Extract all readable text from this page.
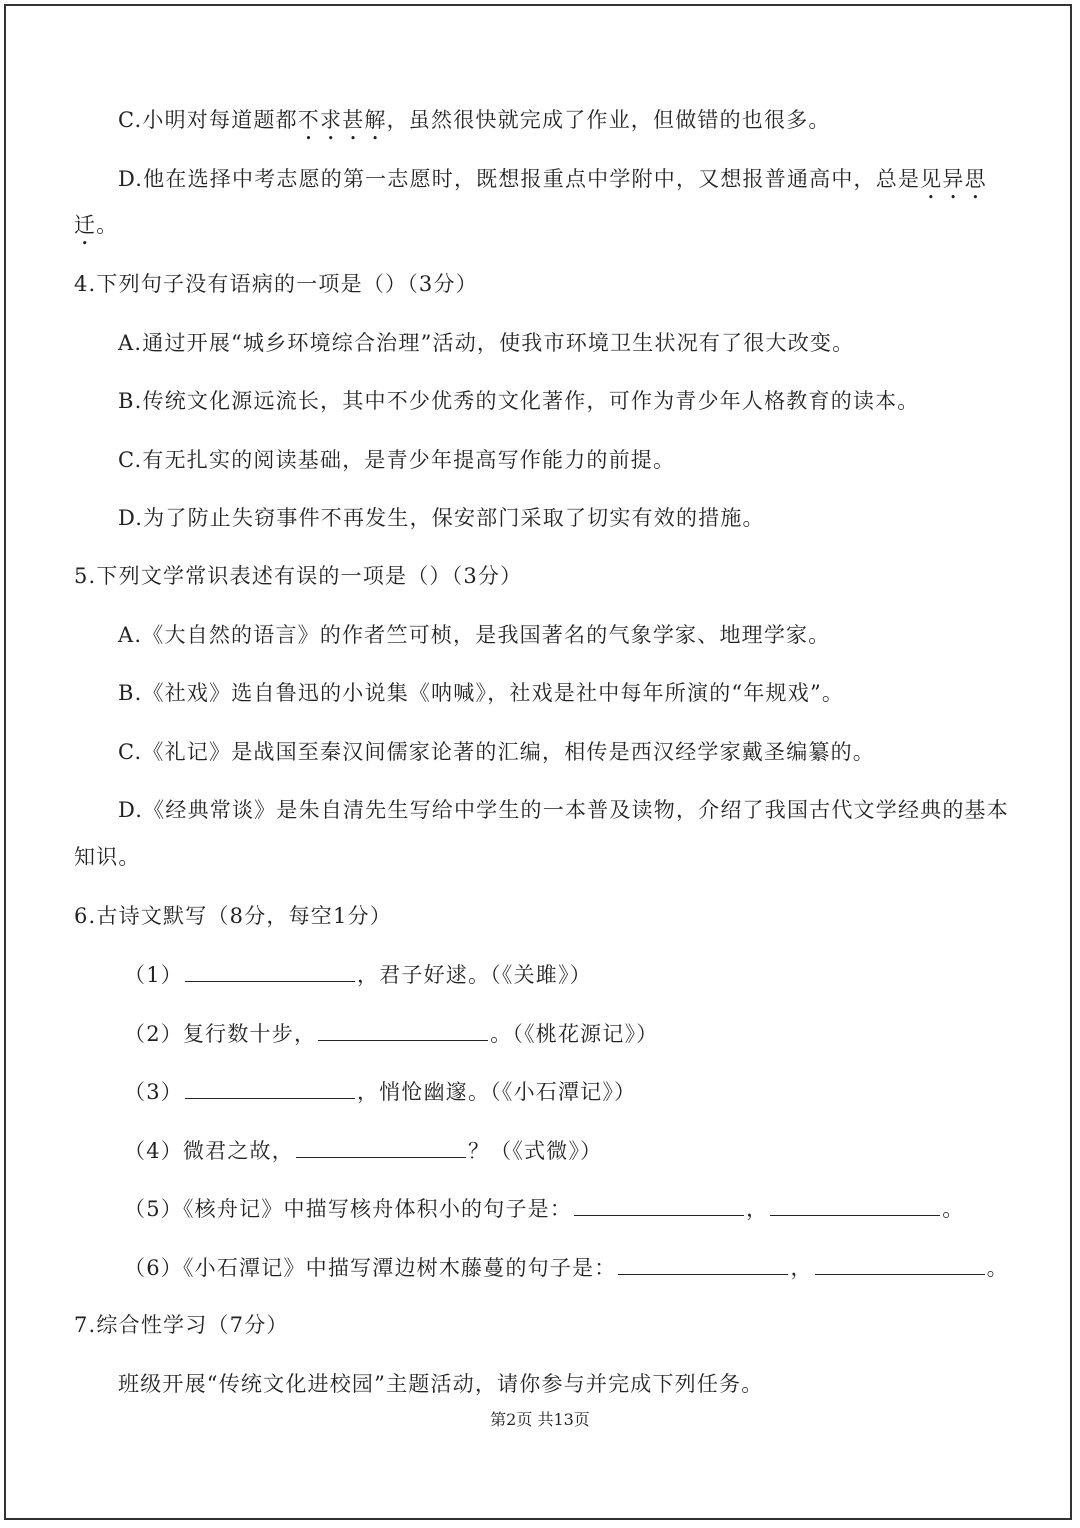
C.小明对每道题都不求甚解，虽然很快就完成了作业，但做错的也很多。
D.他在选择中考志愿的第一志愿时，既想报重点中学附中，又想报普通高中，总是见异思
迁。
4.下列句子没有语病的一项是（）（3分）
A.通过开展“城乡环境综合治理”活动，使我市环境卫生状况有了很大改变。
B.传统文化源远流长，其中不少优秀的文化著作，可作为青少年人格教育的读本。
C.有无扎实的阅读基础，是青少年提高写作能力的前提。
D.为了防止失窃事件不再发生，保安部门采取了切实有效的措施。
5.下列文学常识表述有误的一项是（）（3分）
A.《大自然的语言》的作者竺可桢，是我国著名的气象学家、地理学家。
B.《社戏》选自鲁迅的小说集《呐喊》，社戏是社中每年所演的“年规戏”。
C.《礼记》是战国至秦汉间儒家论著的汇编，相传是西汉经学家戴圣编纂的。
D.《经典常谈》是朱自清先生写给中学生的一本普及读物，介绍了我国古代文学经典的基本
知识。
6.古诗文默写（8分，每空1分）
（1）	，君子好逑。（《关雎》）
（2）复行数十步，	。（《桃花源记》）
（3）	，悄怆幽邃。（《小石潭记》）
（4）微君之故，	？（《式微》）
（5）《核舟记》中描写核舟体积小的句子是：	，	。
（6）《小石潭记》中描写潭边树木藤蔓的句子是：	，	。
7.综合性学习（7分）
班级开展“传统文化进校园”主题活动，请你参与并完成下列任务。
第2页 共13页
